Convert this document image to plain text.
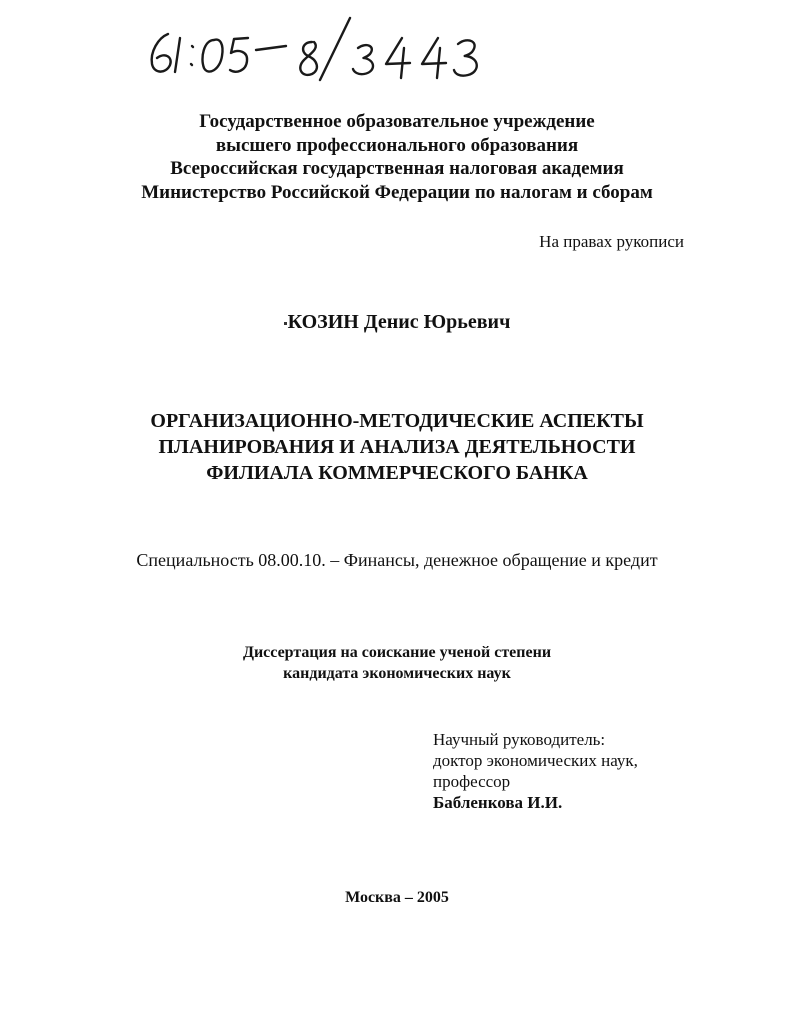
Государственное образовательное учреждение
высшего профессионального образования
Всероссийская государственная налоговая академия
Министерство Российской Федерации по налогам и сборам
На правах рукописи
КОЗИН Денис Юрьевич
ОРГАНИЗАЦИОННО-МЕТОДИЧЕСКИЕ АСПЕКТЫ
ПЛАНИРОВАНИЯ И АНАЛИЗА ДЕЯТЕЛЬНОСТИ
ФИЛИАЛА КОММЕРЧЕСКОГО БАНКА
Специальность 08.00.10. – Финансы, денежное обращение и кредит
Диссертация на соискание ученой степени
кандидата экономических наук
Научный руководитель:
доктор экономических наук,
профессор
Бабленкова И.И.
Москва – 2005
